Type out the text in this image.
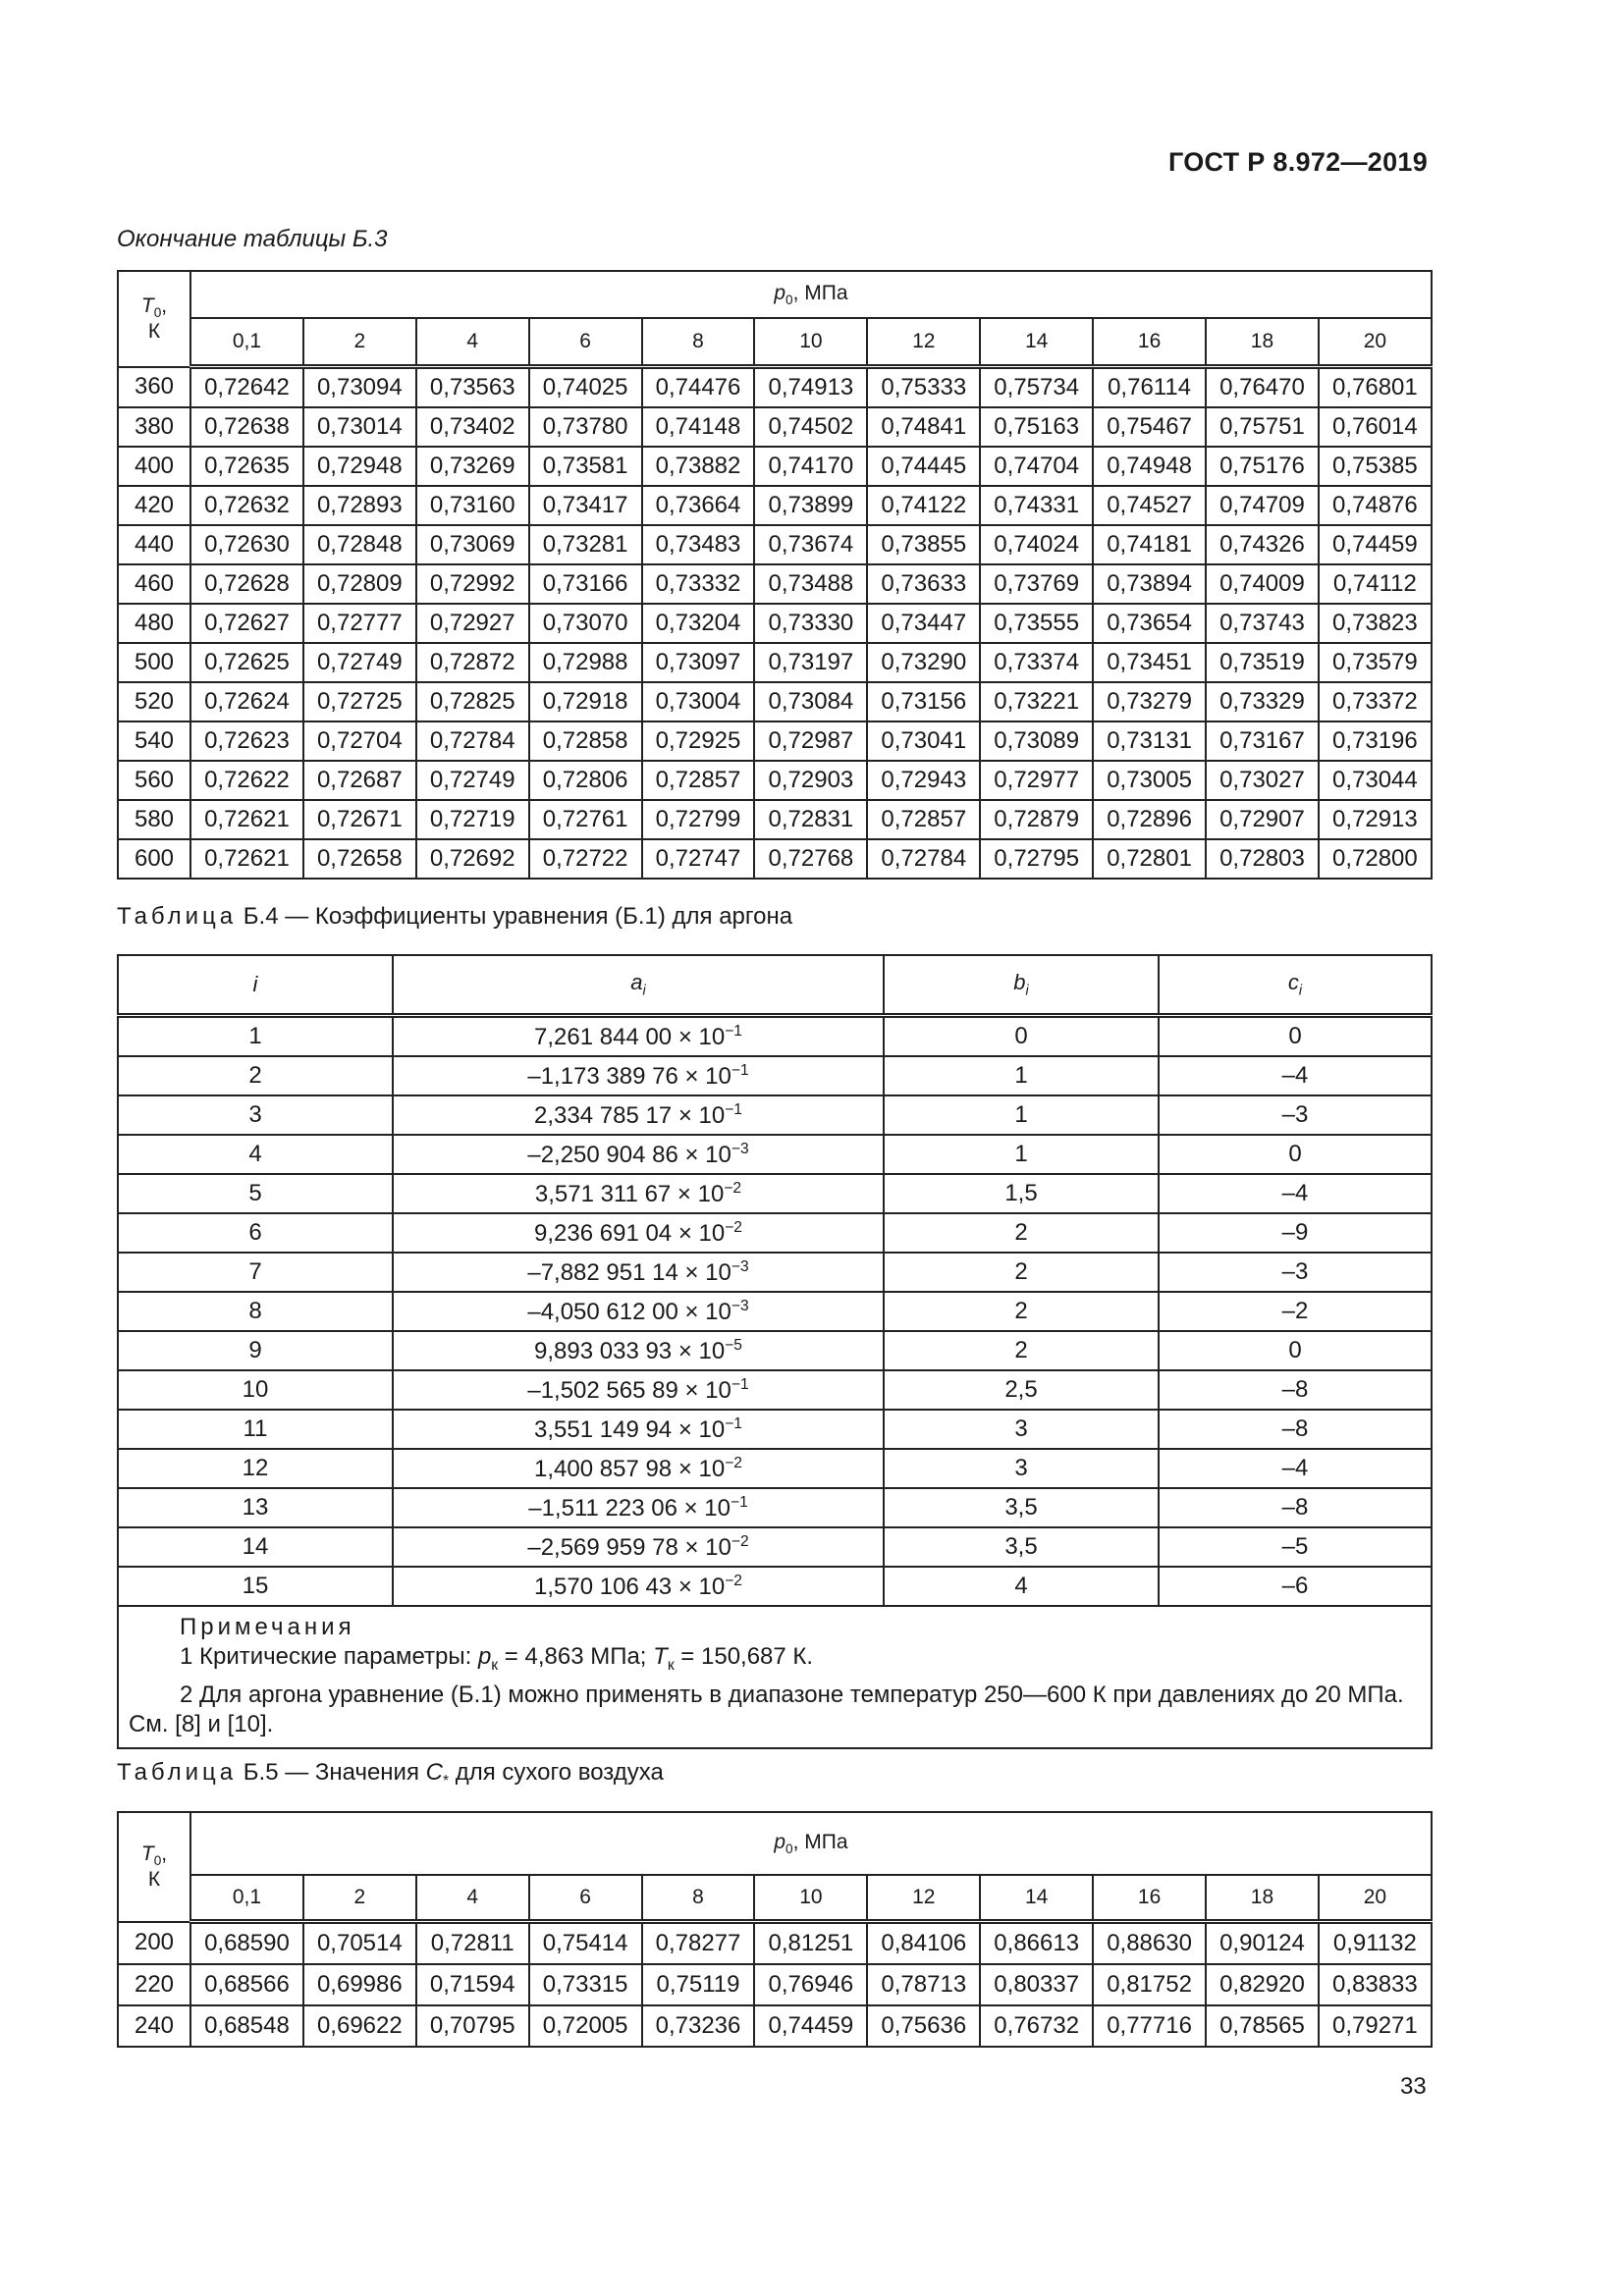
ГОСТ Р 8.972—2019
Окончание таблицы Б.3
$T_0$,
К	$p_0$, МПа										
	0,1	2	4	6	8	10	12	14	16	18	20
360	0,72642	0,73094	0,73563	0,74025	0,74476	0,74913	0,75333	0,75734	0,76114	0,76470	0,76801
380	0,72638	0,73014	0,73402	0,73780	0,74148	0,74502	0,74841	0,75163	0,75467	0,75751	0,76014
400	0,72635	0,72948	0,73269	0,73581	0,73882	0,74170	0,74445	0,74704	0,74948	0,75176	0,75385
420	0,72632	0,72893	0,73160	0,73417	0,73664	0,73899	0,74122	0,74331	0,74527	0,74709	0,74876
440	0,72630	0,72848	0,73069	0,73281	0,73483	0,73674	0,73855	0,74024	0,74181	0,74326	0,74459
460	0,72628	0,72809	0,72992	0,73166	0,73332	0,73488	0,73633	0,73769	0,73894	0,74009	0,74112
480	0,72627	0,72777	0,72927	0,73070	0,73204	0,73330	0,73447	0,73555	0,73654	0,73743	0,73823
500	0,72625	0,72749	0,72872	0,72988	0,73097	0,73197	0,73290	0,73374	0,73451	0,73519	0,73579
520	0,72624	0,72725	0,72825	0,72918	0,73004	0,73084	0,73156	0,73221	0,73279	0,73329	0,73372
540	0,72623	0,72704	0,72784	0,72858	0,72925	0,72987	0,73041	0,73089	0,73131	0,73167	0,73196
560	0,72622	0,72687	0,72749	0,72806	0,72857	0,72903	0,72943	0,72977	0,73005	0,73027	0,73044
580	0,72621	0,72671	0,72719	0,72761	0,72799	0,72831	0,72857	0,72879	0,72896	0,72907	0,72913
600	0,72621	0,72658	0,72692	0,72722	0,72747	0,72768	0,72784	0,72795	0,72801	0,72803	0,72800
Таблица Б.4 — Коэффициенты уравнения (Б.1) для аргона
i	$a_i$	$b_i$	$c_i$
1	7,261 844 $00 \times 10^{-1}$	0	0
2	–1,173 389 $76 \times 10^{-1}$	1	–4
3	2,334 785 $17 \times 10^{-1}$	1	–3
4	–2,250 904 $86 \times 10^{-3}$	1	0
5	3,571 311 $67 \times 10^{-2}$	1,5	–4
6	9,236 691 $04 \times 10^{-2}$	2	–9
7	–7,882 951 $14 \times 10^{-3}$	2	–3
8	–4,050 612 $00 \times 10^{-3}$	2	–2
9	9,893 033 $93 \times 10^{-5}$	2	0
10	–1,502 565 $89 \times 10^{-1}$	2,5	–8
11	3,551 149 $94 \times 10^{-1}$	3	–8
12	1,400 857 $98 \times 10^{-2}$	3	–4
13	–1,511 223 $06 \times 10^{-1}$	3,5	–8
14	–2,569 959 $78 \times 10^{-2}$	3,5	–5
15	1,570 106 $43 \times 10^{-2}$	4	–6

Примечания
1 Критические параметры: $p_к = 4,863$ МПа; $T_к = 150,687$ К.
2 Для аргона уравнение (Б.1) можно применять в диапазоне температур 250—600 К при давлениях до 20 МПа. См. [8] и [10].			
Таблица Б.5 — Значения $C_*$ для сухого воздуха
$T_0$,
К	$p_0$, МПа										
	0,1	2	4	6	8	10	12	14	16	18	20
200	0,68590	0,70514	0,72811	0,75414	0,78277	0,81251	0,84106	0,86613	0,88630	0,90124	0,91132
220	0,68566	0,69986	0,71594	0,73315	0,75119	0,76946	0,78713	0,80337	0,81752	0,82920	0,83833
240	0,68548	0,69622	0,70795	0,72005	0,73236	0,74459	0,75636	0,76732	0,77716	0,78565	0,79271
33
